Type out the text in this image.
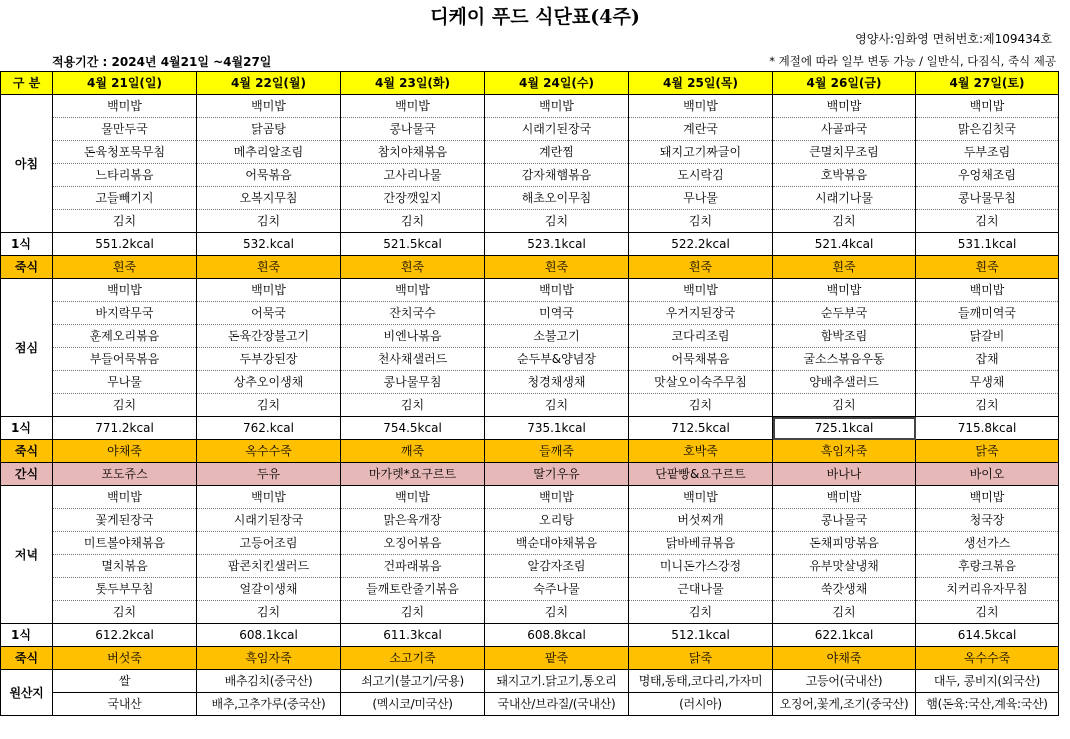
디케이 푸드 식단표(4주)
영양사:임화영 면허번호:제109434호
적용기간 : 2024년 4월21일 ~4월27일	* 계절에 따라 일부 변동 가능 / 일반식, 다짐식, 죽식 제공
구 분	4월 21일(일)	4월 22일(월)	4월 23일(화)	4월 24일(수)	4월 25일(목)	4월 26일(금)	4월 27일(토)
아침	백미밥	백미밥	백미밥	백미밥	백미밥	백미밥	백미밥
	물만두국	닭곰탕	콩나물국	시래기된장국	계란국	사골파국	맑은김칫국
	돈육청포묵무침	메추리알조림	참치야채볶음	계란찜	돼지고기짜글이	큰멸치무조림	두부조림
	느타리볶음	어묵볶음	고사리나물	감자채햄볶음	도시락김	호박볶음	우엉채조림
	고들빼기지	오복지무침	간장깻잎지	해초오이무침	무나물	시래기나물	콩나물무침
	김치	김치	김치	김치	김치	김치	김치
1식	551.2kcal	532.kcal	521.5kcal	523.1kcal	522.2kcal	521.4kcal	531.1kcal
죽식	흰죽	흰죽	흰죽	흰죽	흰죽	흰죽	흰죽
점심	백미밥	백미밥	백미밥	백미밥	백미밥	백미밥	백미밥
	바지락무국	어묵국	잔치국수	미역국	우거지된장국	순두부국	들깨미역국
	훈제오리볶음	돈육간장불고기	비엔나볶음	소불고기	코다리조림	함박조림	닭갈비
	부들어묵볶음	두부강된장	천사채샐러드	순두부&양념장	어묵채볶음	굴소스볶음우동	잡채
	무나물	상추오이생채	콩나물무침	청경채생채	맛살오이숙주무침	양배추샐러드	무생채
	김치	김치	김치	김치	김치	김치	김치
1식	771.2kcal	762.kcal	754.5kcal	735.1kcal	712.5kcal	725.1kcal	715.8kcal
죽식	야채죽	옥수수죽	깨죽	들깨죽	호박죽	흑임자죽	닭죽
간식	포도쥬스	두유	마가렛*요구르트	딸기우유	단팥빵&요구르트	바나나	바이오
저녁	백미밥	백미밥	백미밥	백미밥	백미밥	백미밥	백미밥
	꽃게된장국	시래기된장국	맑은육개장	오리탕	버섯찌개	콩나물국	청국장
	미트볼야채볶음	고등어조림	오징어볶음	백순대야채볶음	닭바베큐볶음	돈채피망볶음	생선가스
	멸치볶음	팝콘치킨샐러드	건파래볶음	알감자조림	미니돈가스강정	유부맛살냉채	후랑크볶음
	톳두부무침	얼갈이생채	들깨토란줄기볶음	숙주나물	근대나물	쑥갓생채	치커리유자무침
	김치	김치	김치	김치	김치	김치	김치
1식	612.2kcal	608.1kcal	611.3kcal	608.8kcal	512.1kcal	622.1kcal	614.5kcal
죽식	버섯죽	흑임자죽	소고기죽	팥죽	닭죽	야채죽	옥수수죽
원산지	쌀	배추김치(중국산)	쇠고기(불고기/국용)	돼지고기.닭고기,통오리	명태,동태,코다리,가자미	고등어(국내산)	대두, 콩비지(외국산)
	국내산	배추,고추가루(중국산)	(멕시코/미국산)	국내산/브라질/(국내산)	(러시아)	오징어,꽃게,조기(중국산)	햄(돈육:국산,계육:국산)
